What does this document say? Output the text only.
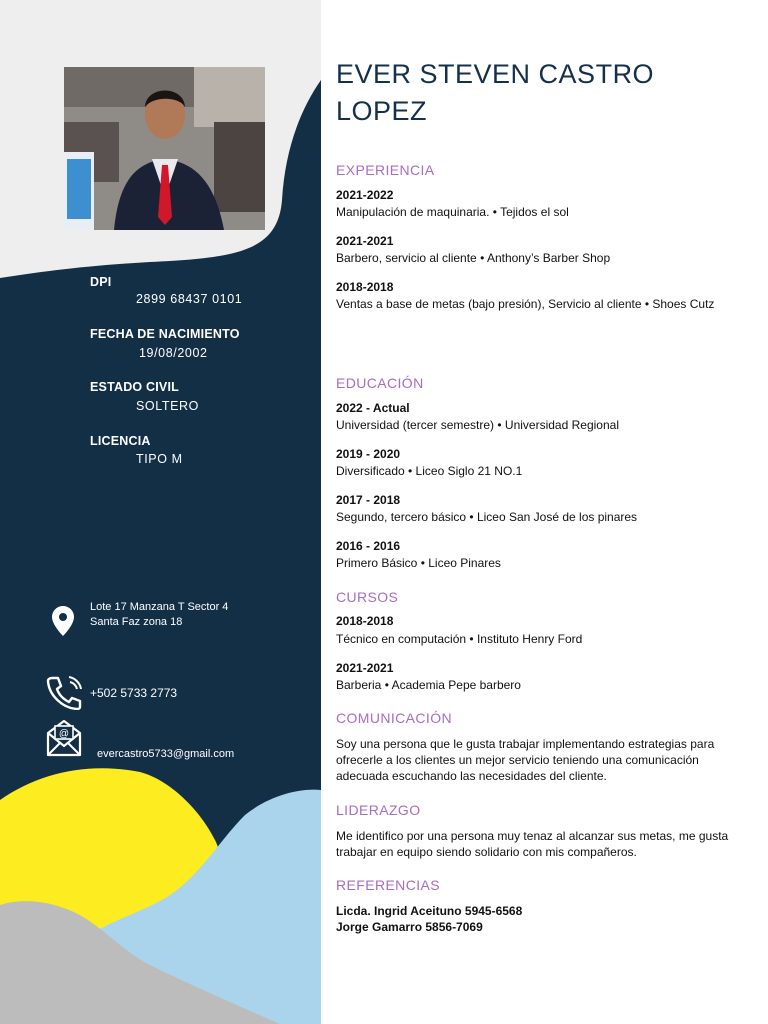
DPI
2899 68437 0101
FECHA DE NACIMIENTO
19/08/2002
ESTADO CIVIL
SOLTERO
LICENCIA
TIPO M
Lote 17 Manzana T Sector 4
Santa Faz zona 18
+502 5733 2773
@
evercastro5733@gmail.com
EVER STEVEN CASTRO LOPEZ
EXPERIENCIA
2021-2022
Manipulación de maquinaria. • Tejidos el sol
2021-2021
Barbero, servicio al cliente • Anthony’s Barber Shop
2018-2018
Ventas a base de metas (bajo presión), Servicio al cliente • Shoes Cutz
EDUCACIÓN
2022 - Actual
Universidad (tercer semestre) • Universidad Regional
2019 - 2020
Diversificado • Liceo Siglo 21 NO.1
2017 - 2018
Segundo, tercero básico • Liceo San José de los pinares
2016 - 2016
Primero Básico • Liceo Pinares
CURSOS
2018-2018
Técnico en computación • Instituto Henry Ford
2021-2021
Barberia • Academia Pepe barbero
COMUNICACIÓN
Soy una persona que le gusta trabajar implementando estrategias para ofrecerle a los clientes un mejor servicio teniendo una comunicación adecuada escuchando las necesidades del cliente.
LIDERAZGO
Me identifico por una persona muy tenaz al alcanzar sus metas, me gusta trabajar en equipo siendo solidario con mis compañeros.
REFERENCIAS
Licda. Ingrid Aceituno 5945-6568
Jorge Gamarro 5856-7069
